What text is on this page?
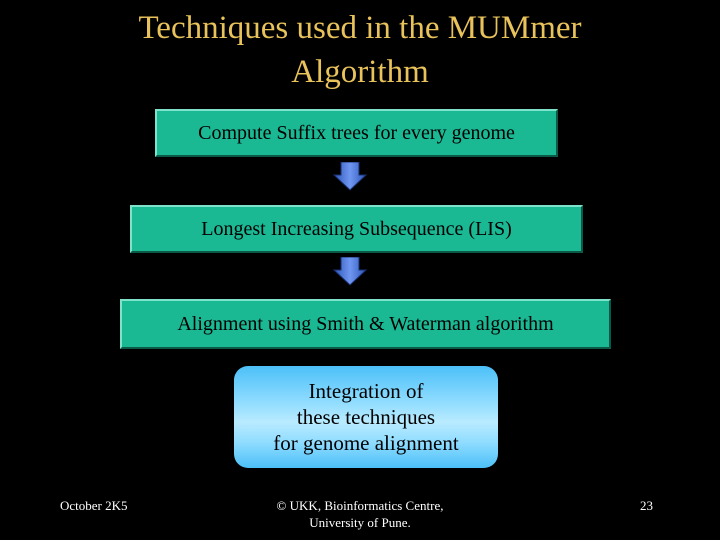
Techniques used in the MUMmer
Algorithm
Compute Suffix trees for every genome
Longest Increasing Subsequence (LIS)
Alignment using Smith & Waterman algorithm
Integration of
these techniques
for genome alignment
October 2K5	© UKK, Bioinformatics Centre,
University of Pune.
23
